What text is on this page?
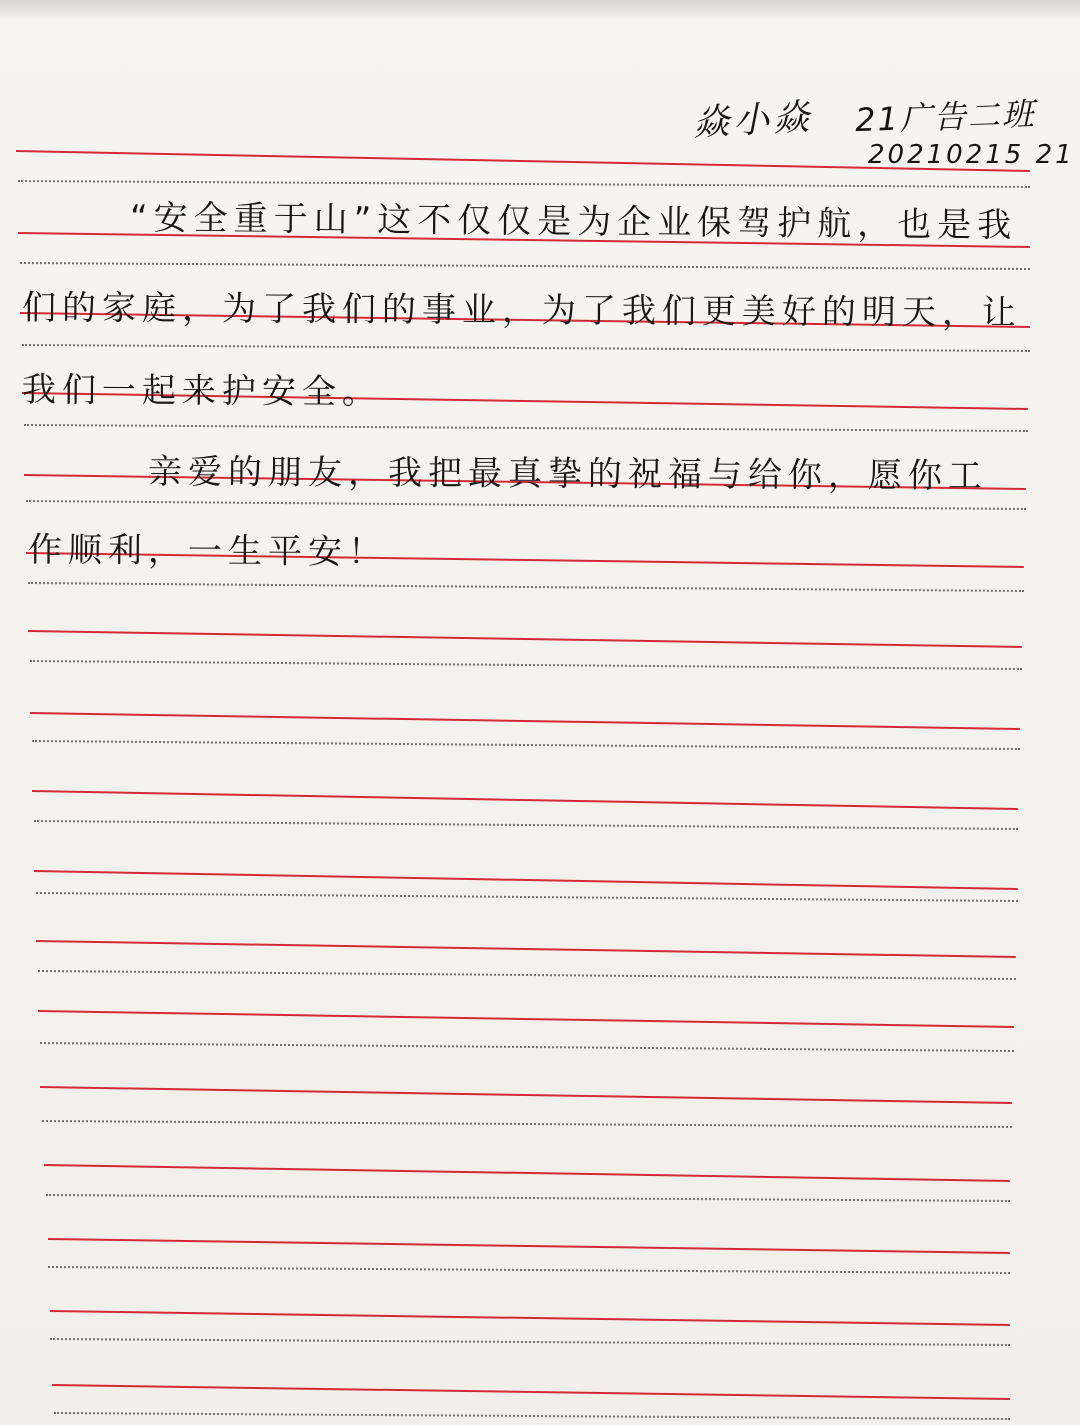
焱小焱 21广告二班
20210215 21
“安全重于山”这不仅仅是为企业保驾护航，也是我
们的家庭，为了我们的事业，为了我们更美好的明天，让
我们一起来护安全。
亲爱的朋友，我把最真挚的祝福与给你，愿你工
作顺利，一生平安！
